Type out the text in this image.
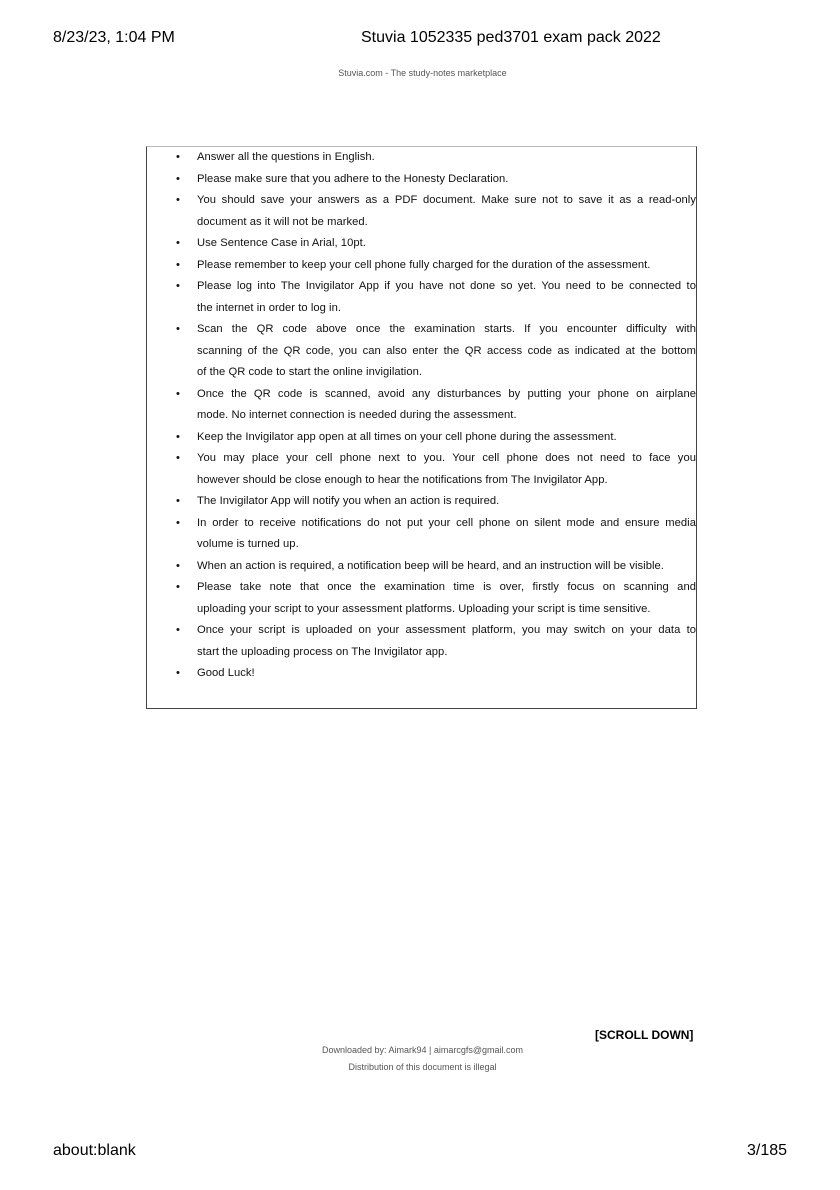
8/23/23, 1:04 PM	Stuvia 1052335 ped3701 exam pack 2022
Stuvia.com - The study-notes marketplace
• Answer all the questions in English.
• Please make sure that you adhere to the Honesty Declaration.
• You should save your answers as a PDF document. Make sure not to save it as a read-only
document as it will not be marked.
• Use Sentence Case in Arial, 10pt.
• Please remember to keep your cell phone fully charged for the duration of the assessment.
• Please log into The Invigilator App if you have not done so yet. You need to be connected to
the internet in order to log in.
• Scan the QR code above once the examination starts. If you encounter difficulty with
scanning of the QR code, you can also enter the QR access code as indicated at the bottom
of the QR code to start the online invigilation.
• Once the QR code is scanned, avoid any disturbances by putting your phone on airplane
mode. No internet connection is needed during the assessment.
• Keep the Invigilator app open at all times on your cell phone during the assessment.
• You may place your cell phone next to you. Your cell phone does not need to face you
however should be close enough to hear the notifications from The Invigilator App.
• The Invigilator App will notify you when an action is required.
• In order to receive notifications do not put your cell phone on silent mode and ensure media
volume is turned up.
• When an action is required, a notification beep will be heard, and an instruction will be visible.
• Please take note that once the examination time is over, firstly focus on scanning and
uploading your script to your assessment platforms. Uploading your script is time sensitive.
• Once your script is uploaded on your assessment platform, you may switch on your data to
start the uploading process on The Invigilator app.
• Good Luck!
[SCROLL DOWN]
Downloaded by: Aimark94 | aimarcgfs@gmail.com
Distribution of this document is illegal
about:blank	3/185
